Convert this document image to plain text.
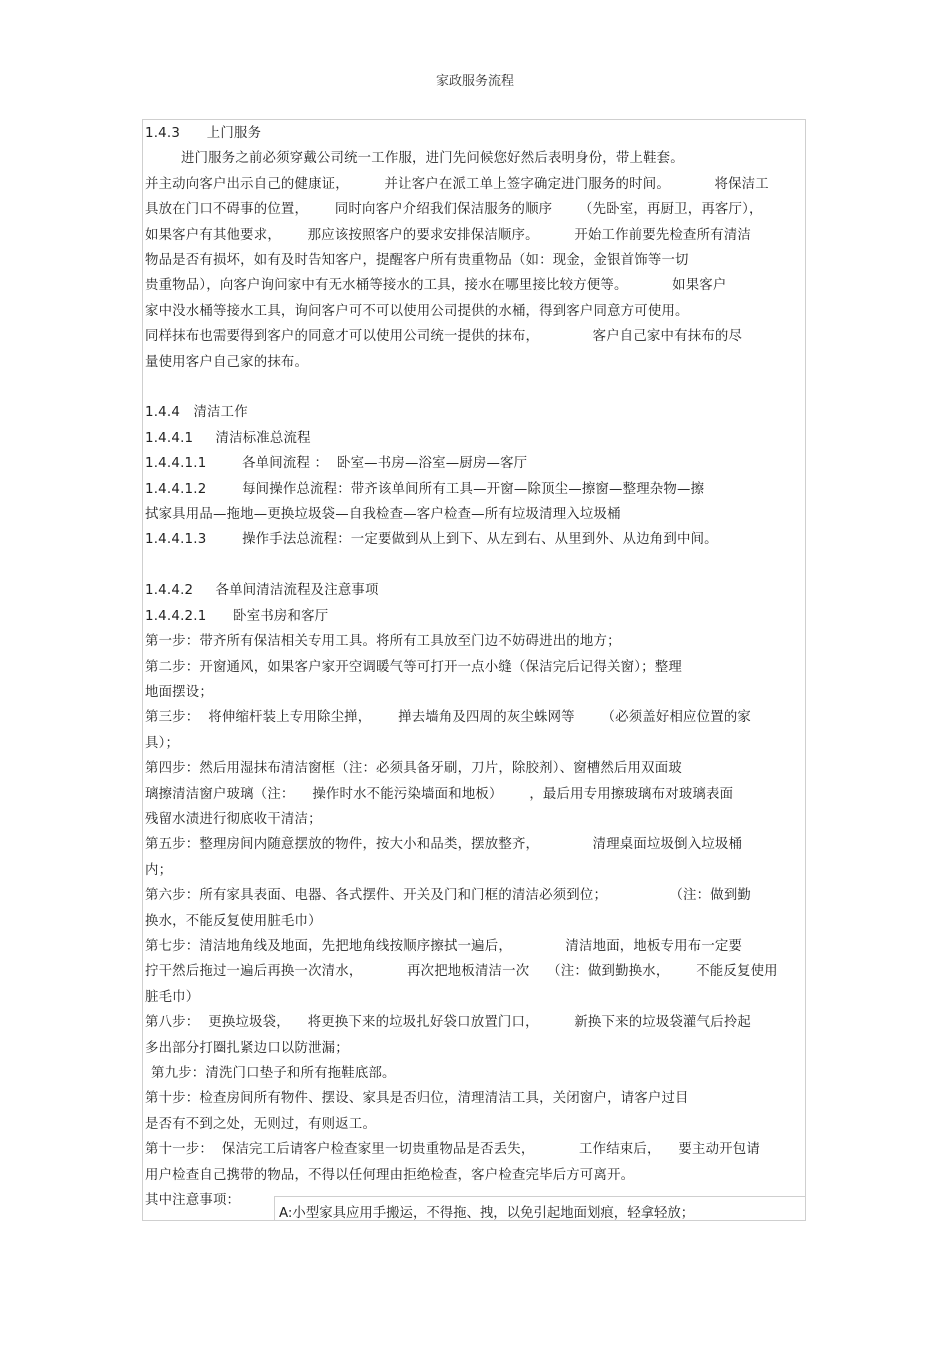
家政服务流程

1.4.3      上门服务

进门服务之前必须穿戴公司统一工作服，进门先问候您好然后表明身份，带上鞋套。

并主动向客户出示自己的健康证，        并让客户在派工单上签字确定进门服务的时间。          将保洁工

具放在门口不碍事的位置，      同时向客户介绍我们保洁服务的顺序      （先卧室，再厨卫，再客厅），

如果客户有其他要求，      那应该按照客户的要求安排保洁顺序。        开始工作前要先检查所有清洁

物品是否有损坏，如有及时告知客户，提醒客户所有贵重物品（如：现金，金银首饰等一切

贵重物品），向客户询问家中有无水桶等接水的工具，接水在哪里接比较方便等。          如果客户

家中没水桶等接水工具，询问客户可不可以使用公司提供的水桶，得到客户同意方可使用。

同样抹布也需要得到客户的同意才可以使用公司统一提供的抹布，            客户自己家中有抹布的尽

量使用客户自己家的抹布。

1.4.4   清洁工作

1.4.4.1     清洁标准总流程

1.4.4.1.1        各单间流程 ：  卧室—书房—浴室—厨房—客厅

1.4.4.1.2        每间操作总流程：带齐该单间所有工具—开窗—除顶尘—擦窗—整理杂物—擦

拭家具用品—拖地—更换垃圾袋—自我检查—客户检查—所有垃圾清理入垃圾桶

1.4.4.1.3        操作手法总流程：一定要做到从上到下、从左到右、从里到外、从边角到中间。

1.4.4.2     各单间清洁流程及注意事项

1.4.4.2.1      卧室书房和客厅

第一步：带齐所有保洁相关专用工具。将所有工具放至门边不妨碍进出的地方；

第二步：开窗通风，如果客户家开空调暖气等可打开一点小缝（保洁完后记得关窗）；整理

地面摆设；

第三步：  将伸缩杆装上专用除尘掸，      掸去墙角及四周的灰尘蛛网等      （必须盖好相应位置的家

具）；

第四步：然后用湿抹布清洁窗框（注：必须具备牙刷，刀片，除胶剂）、窗槽然后用双面玻

璃擦清洁窗户玻璃（注：    操作时水不能污染墙面和地板）      ，最后用专用擦玻璃布对玻璃表面

残留水渍进行彻底收干清洁；

第五步：整理房间内随意摆放的物件，按大小和品类，摆放整齐，            清理桌面垃圾倒入垃圾桶

内；

第六步：所有家具表面、电器、各式摆件、开关及门和门框的清洁必须到位；              （注：做到勤

换水，不能反复使用脏毛巾）

第七步：清洁地角线及地面，先把地角线按顺序擦拭一遍后，            清洁地面，地板专用布一定要

拧干然后拖过一遍后再换一次清水，          再次把地板清洁一次    （注：做到勤换水，      不能反复使用

脏毛巾）

第八步：  更换垃圾袋，    将更换下来的垃圾扎好袋口放置门口，        新换下来的垃圾袋灌气后拎起

多出部分打圈扎紧边口以防泄漏；

第九步：清洗门口垫子和所有拖鞋底部。

第十步：检查房间所有物件、摆设、家具是否归位，清理清洁工具，关闭窗户，请客户过目

是否有不到之处，无则过，有则返工。

第十一步：  保洁完工后请客户检查家里一切贵重物品是否丢失，          工作结束后，    要主动开包请

用户检查自己携带的物品，不得以任何理由拒绝检查，客户检查完毕后方可离开。

其中注意事项：

A:小型家具应用手搬运，不得拖、拽，以免引起地面划痕，轻拿轻放；
